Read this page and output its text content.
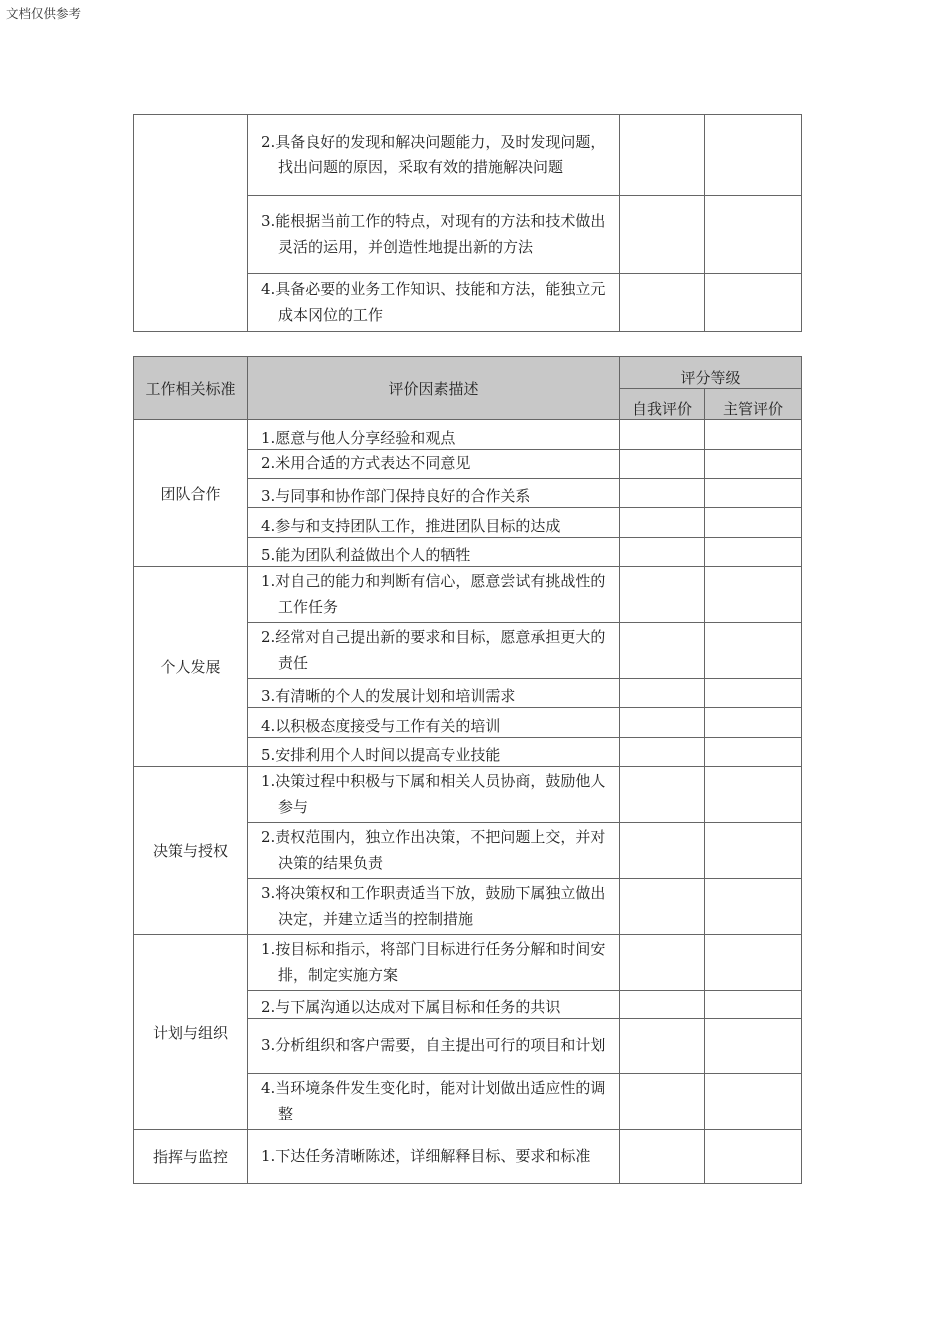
文档仅供参考
	2.具备良好的发现和解决问题能力，及时发现问题，找出问题的原因，采取有效的措施解决问题		
	3.能根据当前工作的特点，对现有的方法和技术做出灵活的运用，并创造性地提出新的方法		
	4.具备必要的业务工作知识、技能和方法，能独立元成本冈位的工作		
工作相关标准	评价因素描述	评分等级	
		自我评价	主管评价
团队合作	1.愿意与他人分享经验和观点		
	2.米用合适的方式表达不同意见		
	3.与同事和协作部门保持良好的合作关系		
	4.参与和支持团队工作，推进团队目标的达成		
	5.能为团队利益做出个人的牺牲		
个人发展	1.对自己的能力和判断有信心，愿意尝试有挑战性的工作任务		
	2.经常对自己提出新的要求和目标，愿意承担更大的责任		
	3.有清晰的个人的发展计划和培训需求		
	4.以积极态度接受与工作有关的培训		
	5.安排利用个人时间以提高专业技能		
决策与授权	1.决策过程中积极与下属和相关人员协商，鼓励他人参与		
	2.责权范围内，独立作出决策，不把问题上交，并对决策的结果负责		
	3.将决策权和工作职责适当下放，鼓励下属独立做出决定，并建立适当的控制措施		
计划与组织	1.按目标和指示，将部门目标进行任务分解和时间安排，制定实施方案		
	2.与下属沟通以达成对下属目标和任务的共识		
	3.分析组织和客户需要，自主提出可行的项目和计划		
	4.当环境条件发生变化时，能对计划做出适应性的调整		
指挥与监控	1.下达任务清晰陈述，详细解释目标、要求和标准		
